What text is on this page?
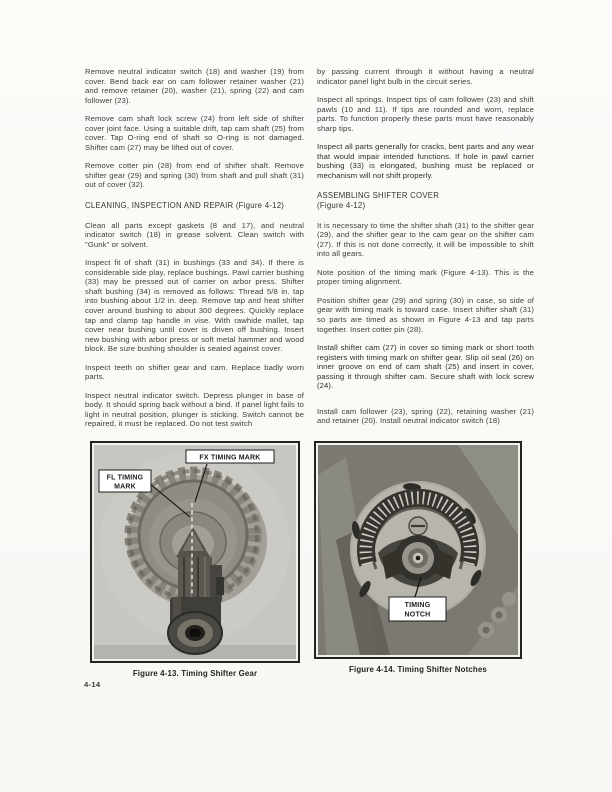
Remove neutral indicator switch (18) and washer (19) from cover. Bend back ear on cam follower retainer washer (21) and remove retainer (20), washer (21), spring (22) and cam follower (23).

Remove cam shaft lock screw (24) from left side of shifter cover joint face. Using a suitable drift, tap cam shaft (25) from cover. Tap O-ring end of shaft so O-ring is not damaged. Shifter cam (27) may be lifted out of cover.

Remove cotter pin (28) from end of shifter shaft. Remove shifter gear (29) and spring (30) from shaft and pull shaft (31) out of cover (32).

CLEANING, INSPECTION AND REPAIR (Figure 4-12)

Clean all parts except gaskets (8 and 17), and neutral indicator switch (18) in grease solvent. Clean switch with "Gunk" or solvent.

Inspect fit of shaft (31) in bushings (33 and 34). If there is considerable side play, replace bushings. Pawl carrier bushing (33) may be pressed out of carrier on arbor press. Shifter shaft bushing (34) is removed as follows: Thread 5/8 in. tap into bushing about 1/2 in. deep. Remove tap and heat shifter cover around bushing to about 300 degrees. Quickly replace tap and clamp tap handle in vise. With rawhide mallet, tap cover near bushing until cover is driven off bushing. Insert new bushing with arbor press or soft metal hammer and wood block. Be sure bushing shoulder is seated against cover.

Inspect teeth on shifter gear and cam. Replace badly worn parts.

Inspect neutral indicator switch. Depress plunger in base of body. It should spring back without a bind. If panel light fails to light in neutral position, plunger is sticking. Switch cannot be repaired, it must be replaced. Do not test switch

by passing current through it without having a neutral indicator panel light bulb in the circuit series.

Inspect all springs. Inspect tips of cam follower (23) and shift pawls (10 and 11). If tips are rounded and worn, replace parts. To function properly these parts must have reasonably sharp tips.

Inspect all parts generally for cracks, bent parts and any wear that would impair intended functions. If hole in pawl carrier bushing (33) is elongated, bushing must be replaced or mechanism will not shift properly.

ASSEMBLING SHIFTER COVER

(Figure 4-12)

It is necessary to time the shifter shaft (31) to the shifter gear (29), and the shifter gear to the cam gear on the shifter cam (27). If this is not done correctly, it will be impossible to shift into all gears.

Note position of the timing mark (Figure 4-13). This is the proper timing alignment.

Position shifter gear (29) and spring (30) in case, so side of gear with timing mark is toward case. Insert shifter shaft (31) so parts are timed as shown in Figure 4-13 and tap parts together. Insert cotter pin (28).

Install shifter cam (27) in cover so timing mark or short tooth registers with timing mark on shifter gear. Slip oil seal (26) on inner groove on end of cam shaft (25) and insert in cover, passing it through shifter cam. Secure shaft with lock screw (24).

Install cam follower (23), spring (22), retaining washer (21) and retainer (20). Install neutral indicator switch (18)

FX TIMING MARK
FL TIMING
MARK
Figure 4-13. Timing Shifter Gear
TIMING
NOTCH
Figure 4-14. Timing Shifter Notches
4-14
